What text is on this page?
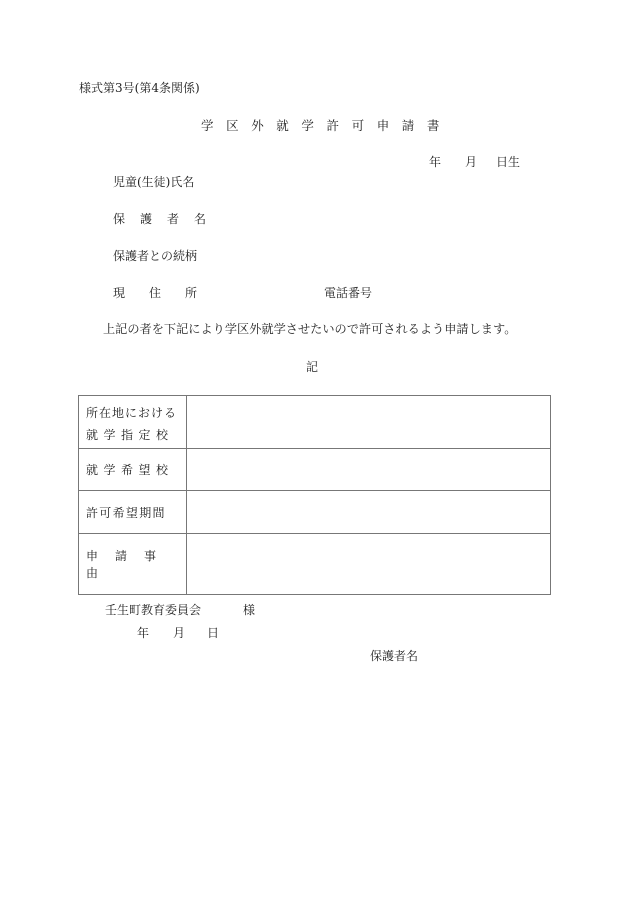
様式第3号(第4条関係)
学区外就学許可申請書
年 月 日生
児童(生徒)氏名
保護者名
保護者との続柄
現 住 所	電話番号
上記の者を下記により学区外就学させたいので許可されるよう申請します。
記
所在地における
就学指定校	

就学希望校	
許可希望期間	
申請事由	
壬生町教育委員会	様
年 月 日
保護者名
